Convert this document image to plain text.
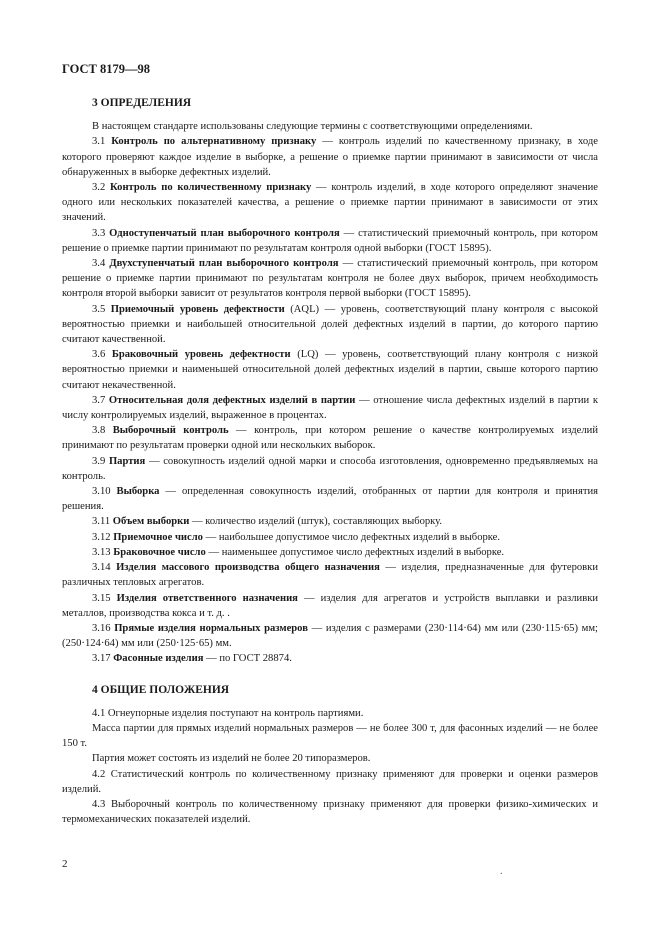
ГОСТ 8179—98
3 ОПРЕДЕЛЕНИЯ

В настоящем стандарте использованы следующие термины с соответствующими определениями.

3.1 Контроль по альтернативному признаку — контроль изделий по качественному признаку, в ходе которого проверяют каждое изделие в выборке, а решение о приемке партии принимают в зависимости от числа обнаруженных в выборке дефектных изделий.

3.2 Контроль по количественному признаку — контроль изделий, в ходе которого определяют значение одного или нескольких показателей качества, а решение о приемке партии принимают в зависимости от этих значений.

3.3 Одноступенчатый план выборочного контроля — статистический приемочный контроль, при котором решение о приемке партии принимают по результатам контроля одной выборки (ГОСТ 15895).

3.4 Двухступенчатый план выборочного контроля — статистический приемочный контроль, при котором решение о приемке партии принимают по результатам контроля не более двух выборок, причем необходимость контроля второй выборки зависит от результатов контроля первой выборки (ГОСТ 15895).

3.5 Приемочный уровень дефектности (AQL) — уровень, соответствующий плану контроля с высокой вероятностью приемки и наибольшей относительной долей дефектных изделий в партии, до которого партию считают качественной.

3.6 Браковочный уровень дефектности (LQ) — уровень, соответствующий плану контроля с низкой вероятностью приемки и наименьшей относительной долей дефектных изделий в партии, свыше которого партию считают некачественной.

3.7 Относительная доля дефектных изделий в партии — отношение числа дефектных изделий в партии к числу контролируемых изделий, выраженное в процентах.

3.8 Выборочный контроль — контроль, при котором решение о качестве контролируемых изделий принимают по результатам проверки одной или нескольких выборок.

3.9 Партия — совокупность изделий одной марки и способа изготовления, одновременно предъявляемых на контроль.

3.10 Выборка — определенная совокупность изделий, отобранных от партии для контроля и принятия решения.

3.11 Объем выборки — количество изделий (штук), составляющих выборку.

3.12 Приемочное число — наибольшее допустимое число дефектных изделий в выборке.

3.13 Браковочное число — наименьшее допустимое число дефектных изделий в выборке.

3.14 Изделия массового производства общего назначения — изделия, предназначенные для футеровки различных тепловых агрегатов.

3.15 Изделия ответственного назначения — изделия для агрегатов и устройств выплавки и разливки металлов, производства кокса и т. д. .

3.16 Прямые изделия нормальных размеров — изделия с размерами (230·114·64) мм или (230·115·65) мм; (250·124·64) мм или (250·125·65) мм.

3.17 Фасонные изделия — по ГОСТ 28874.

4 ОБЩИЕ ПОЛОЖЕНИЯ

4.1 Огнеупорные изделия поступают на контроль партиями.

Масса партии для прямых изделий нормальных размеров — не более 300 т, для фасонных изделий — не более 150 т.

Партия может состоять из изделий не более 20 типоразмеров.

4.2 Статистический контроль по количественному признаку применяют для проверки и оценки размеров изделий.

4.3 Выборочный контроль по количественному признаку применяют для проверки физико-химических и термомеханических показателей изделий.

2
.
